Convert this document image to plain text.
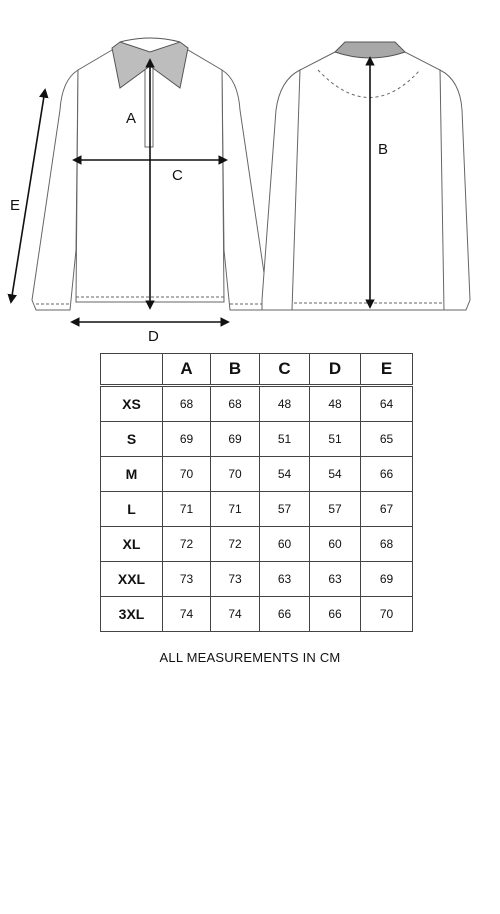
A
B
C
D
E
	A	B	C	D	E
XS	68	68	48	48	64
S	69	69	51	51	65
M	70	70	54	54	66
L	71	71	57	57	67
XL	72	72	60	60	68
XXL	73	73	63	63	69
3XL	74	74	66	66	70
ALL MEASUREMENTS IN CM
